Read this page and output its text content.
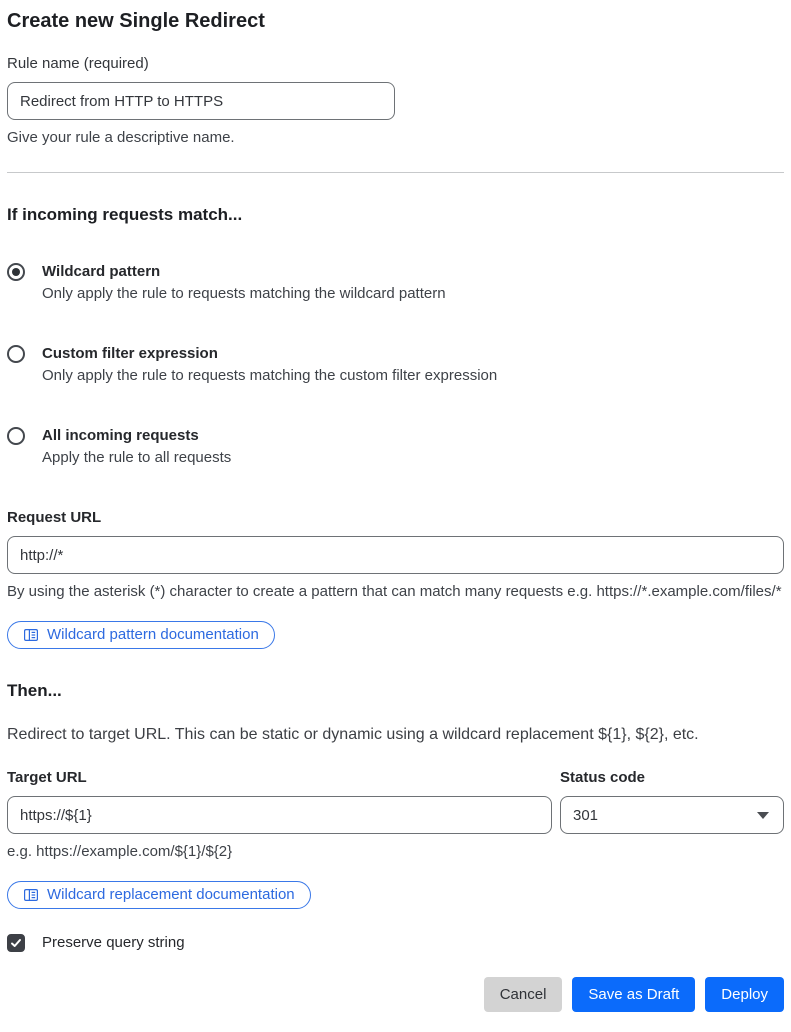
Create new Single Redirect
Rule name (required)
Redirect from HTTP to HTTPS

Give your rule a descriptive name.

If incoming requests match...
Wildcard pattern
Only apply the rule to requests matching the wildcard pattern
Custom filter expression
Only apply the rule to requests matching the custom filter expression
All incoming requests
Apply the rule to all requests
Request URL
http://*

By using the asterisk (*) character to create a pattern that can match many requests e.g. https://*.example.com/files/*

Wildcard pattern documentation
Then...

Redirect to target URL. This can be static or dynamic using a wildcard replacement ${1}, ${2}, etc.

Target URL
https://${1}

e.g. https://example.com/${1}/${2}

Status code
301
Wildcard replacement documentation
Preserve query string
Cancel	Save as Draft	Deploy
